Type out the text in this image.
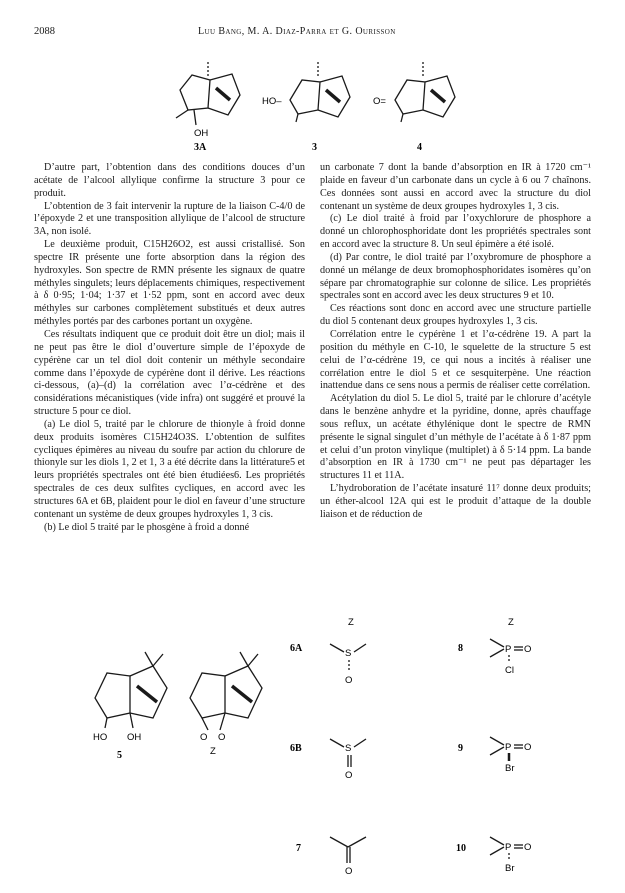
2088	Luu Bang, M. A. Diaz-Parra et G. Ourisson
OH
3A
HO–
3
O=
4

D’autre part, l’obtention dans des conditions douces d’un acétate de l’alcool allylique confirme la structure 3 pour ce produit.

L’obtention de 3 fait intervenir la rupture de la liaison C-4/0 de l’époxyde 2 et une transposition allylique de l’alcool de structure 3A, non isolé.

Le deuxième produit, C15H26O2, est aussi cristallisé. Son spectre IR présente une forte absorption dans la région des hydroxyles. Son spectre de RMN présente les signaux de quatre méthyles singulets; leurs déplacements chimiques, respectivement à δ 0·95; 1·04; 1·37 et 1·52 ppm, sont en accord avec deux méthyles sur carbones complètement substitués et deux autres méthyles portés par des carbones portant un oxygène.

Ces résultats indiquent que ce produit doit être un diol; mais il ne peut pas être le diol d’ouverture simple de l’époxyde de cypérène car un tel diol doit contenir un méthyle secondaire comme dans l’époxyde de cypérène dont il dérive. Les réactions ci-dessous, (a)–(d) la corrélation avec l’α-cédrène et des considérations mécanistiques (vide infra) ont suggéré et prouvé la structure 5 pour ce diol.

(a) Le diol 5, traité par le chlorure de thionyle à froid donne deux produits isomères C15H24O3S. L’obtention de sulfites cycliques épimères au niveau du soufre par action du chlorure de thionyle sur les diols 1, 2 et 1, 3 a été décrite dans la littérature5 et leurs propriétés spectrales ont été bien étudiées6. Les propriétés spectrales de ces deux sulfites cycliques, en accord avec les structures 6A et 6B, plaident pour le diol en faveur d’une structure contenant un système de deux groupes hydroxyles 1, 3 cis.

(b) Le diol 5 traité par le phosgène à froid a donné

un carbonate 7 dont la bande d’absorption en IR à 1720 cm⁻¹ plaide en faveur d’un carbonate dans un cycle à 6 ou 7 chaînons. Ces données sont aussi en accord avec la structure du diol contenant un système de deux groupes hydroxyles 1, 3 cis.

(c) Le diol traité à froid par l’oxychlorure de phosphore a donné un chlorophosphoridate dont les propriétés spectrales sont en accord avec la structure 8. Un seul épimère a été isolé.

(d) Par contre, le diol traité par l’oxybromure de phosphore a donné un mélange de deux bromophosphoridates isomères qu’on sépare par chromatographie sur colonne de silice. Les propriétés spectrales sont en accord avec les deux structures 9 et 10.

Ces réactions sont donc en accord avec une structure partielle du diol 5 contenant deux groupes hydroxyles 1, 3 cis.

Corrélation entre le cypérène 1 et l’α-cédrène 19. A part la position du méthyle en C-10, le squelette de la structure 5 est celui de l’α-cédrène 19, ce qui nous a incités à réaliser une corrélation entre le diol 5 et ce sesquiterpène. Une réaction inattendue dans ce sens nous a permis de réaliser cette corrélation.

Acétylation du diol 5. Le diol 5, traité par le chlorure d’acétyle dans le benzène anhydre et la pyridine, donne, après chauffage sous reflux, un acétate éthylénique dont le spectre de RMN présente le signal singulet d’un méthyle de l’acétate à δ 1·87 ppm et celui d’un proton vinylique (multiplet) à δ 5·14 ppm. La bande d’absorption en IR à 1730 cm⁻¹ ne peut pas départager les structures 11 et 11A.

L’hydroboration de l’acétate insaturé 11⁷ donne deux produits; un éther-alcool 12A qui est le produit d’attaque de la double liaison et de réduction de

HO OH
5
O O
Z
Z	Z
6A	S
O
6B	S
O
7
O
8	P O
Cl
9	P O
Br
10	P O
Br
